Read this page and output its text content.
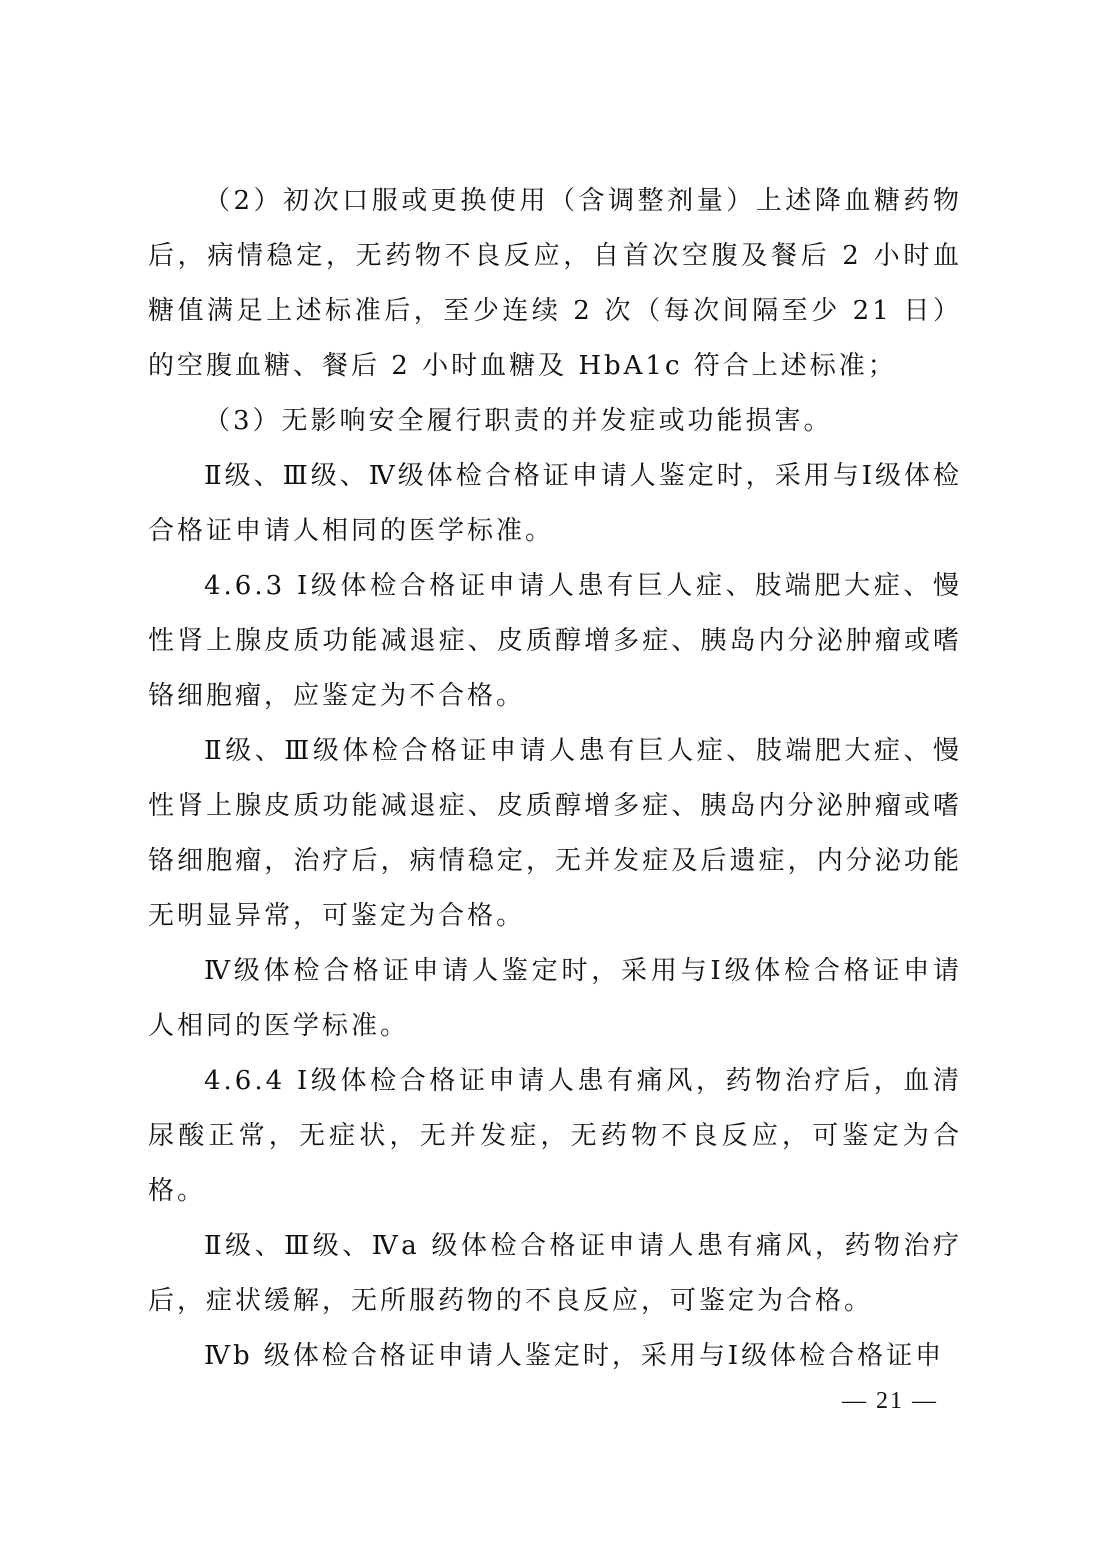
（2）初次口服或更换使用（含调整剂量）上述降血糖药物后，病情稳定，无药物不良反应，自首次空腹及餐后 2 小时血糖值满足上述标准后，至少连续 2 次（每次间隔至少 21 日）的空腹血糖、餐后 2 小时血糖及 HbA1c 符合上述标准；

（3）无影响安全履行职责的并发症或功能损害。

Ⅱ级、Ⅲ级、Ⅳ级体检合格证申请人鉴定时，采用与Ⅰ级体检合格证申请人相同的医学标准。

4.6.3 Ⅰ级体检合格证申请人患有巨人症、肢端肥大症、慢性肾上腺皮质功能减退症、皮质醇增多症、胰岛内分泌肿瘤或嗜铬细胞瘤，应鉴定为不合格。

Ⅱ级、Ⅲ级体检合格证申请人患有巨人症、肢端肥大症、慢性肾上腺皮质功能减退症、皮质醇增多症、胰岛内分泌肿瘤或嗜铬细胞瘤，治疗后，病情稳定，无并发症及后遗症，内分泌功能无明显异常，可鉴定为合格。

Ⅳ级体检合格证申请人鉴定时，采用与Ⅰ级体检合格证申请人相同的医学标准。

4.6.4 Ⅰ级体检合格证申请人患有痛风，药物治疗后，血清尿酸正常，无症状，无并发症，无药物不良反应，可鉴定为合格。

Ⅱ级、Ⅲ级、Ⅳa 级体检合格证申请人患有痛风，药物治疗后，症状缓解，无所服药物的不良反应，可鉴定为合格。

Ⅳb 级体检合格证申请人鉴定时，采用与Ⅰ级体检合格证申

— 21 —
